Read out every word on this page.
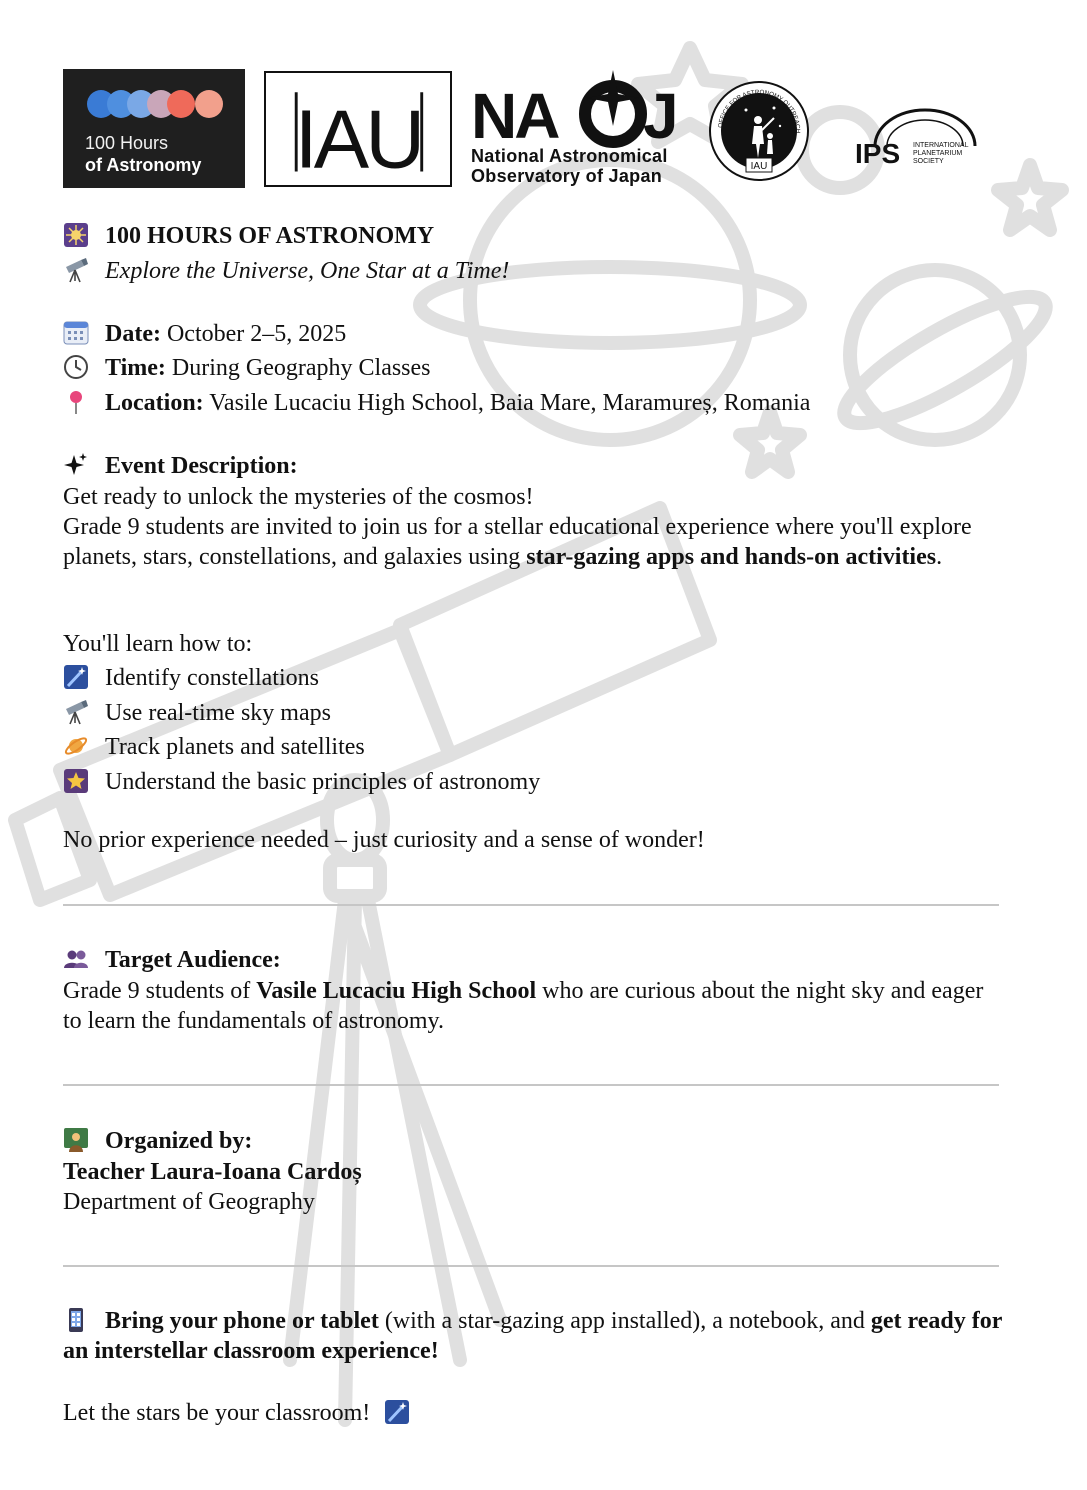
100 Hours
of Astronomy IAU NA J
National Astronomical
Observatory of Japan	IAU
OFFICE FOR ASTRONOMY OUTREACH
IPS INTERNATIONAL
PLANETARIUM
SOCIETY
100 HOURS OF ASTRONOMY
Explore the Universe, One Star at a Time!
Date: October 2–5, 2025
Time: During Geography Classes
Location: Vasile Lucaciu High School, Baia Mare, Maramureș, Romania
Event Description:
Get ready to unlock the mysteries of the cosmos!
Grade 9 students are invited to join us for a stellar educational experience where you'll explore planets, stars, constellations, and galaxies using star-gazing apps and hands-on activities.
You'll learn how to:
Identify constellations
Use real-time sky maps
Track planets and satellites
Understand the basic principles of astronomy
No prior experience needed – just curiosity and a sense of wonder!
Target Audience:
Grade 9 students of Vasile Lucaciu High School who are curious about the night sky and eager to learn the fundamentals of astronomy.
Organized by:
Teacher Laura-Ioana Cardoș
Department of Geography
Bring your phone or tablet (with a star-gazing app installed), a notebook, and get ready for an interstellar classroom experience!
Let the stars be your classroom!
